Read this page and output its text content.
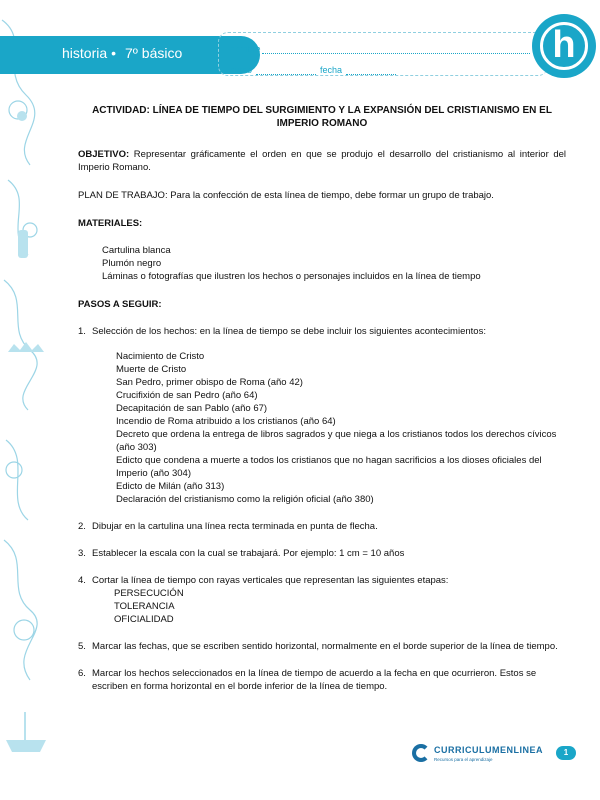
historia • 7º básico	nombre
curso	fecha
h
ACTIVIDAD: LÍNEA DE TIEMPO DEL SURGIMIENTO Y LA EXPANSIÓN DEL CRISTIANISMO EN EL IMPERIO ROMANO
OBJETIVO: Representar gráficamente el orden en que se produjo el desarrollo del cristianismo al interior del Imperio Romano.
PLAN DE TRABAJO: Para la confección de esta línea de tiempo, debe formar un grupo de trabajo.
MATERIALES:
Cartulina blanca
Plumón negro
Láminas o fotografías que ilustren los hechos o personajes incluidos en la línea de tiempo
PASOS A SEGUIR:
1. Selección de los hechos: en la línea de tiempo se debe incluir los siguientes acontecimientos:
Nacimiento de Cristo
Muerte de Cristo
San Pedro, primer obispo de Roma (año 42)
Crucifixión de san Pedro (año 64)
Decapitación de san Pablo (año 67)
Incendio de Roma atribuido a los cristianos (año 64)
Decreto que ordena la entrega de libros sagrados y que niega a los cristianos todos los derechos cívicos (año 303)
Edicto que condena a muerte a todos los cristianos que no hagan sacrificios a los dioses oficiales del Imperio (año 304)
Edicto de Milán (año 313)
Declaración del cristianismo como la religión oficial (año 380)
2. Dibujar en la cartulina una línea recta terminada en punta de flecha.
3. Establecer la escala con la cual se trabajará. Por ejemplo: 1 cm = 10 años
4. Cortar la línea de tiempo con rayas verticales que representan las siguientes etapas:
PERSECUCIÓN
TOLERANCIA
OFICIALIDAD
5. Marcar las fechas, que se escriben sentido horizontal, normalmente en el borde superior de la línea de tiempo.
6. Marcar los hechos seleccionados en la línea de tiempo de acuerdo a la fecha en que ocurrieron. Estos se escriben en forma horizontal en el borde inferior de la línea de tiempo.
CURRICULUMENLINEA
Recursos para el aprendizaje
1
